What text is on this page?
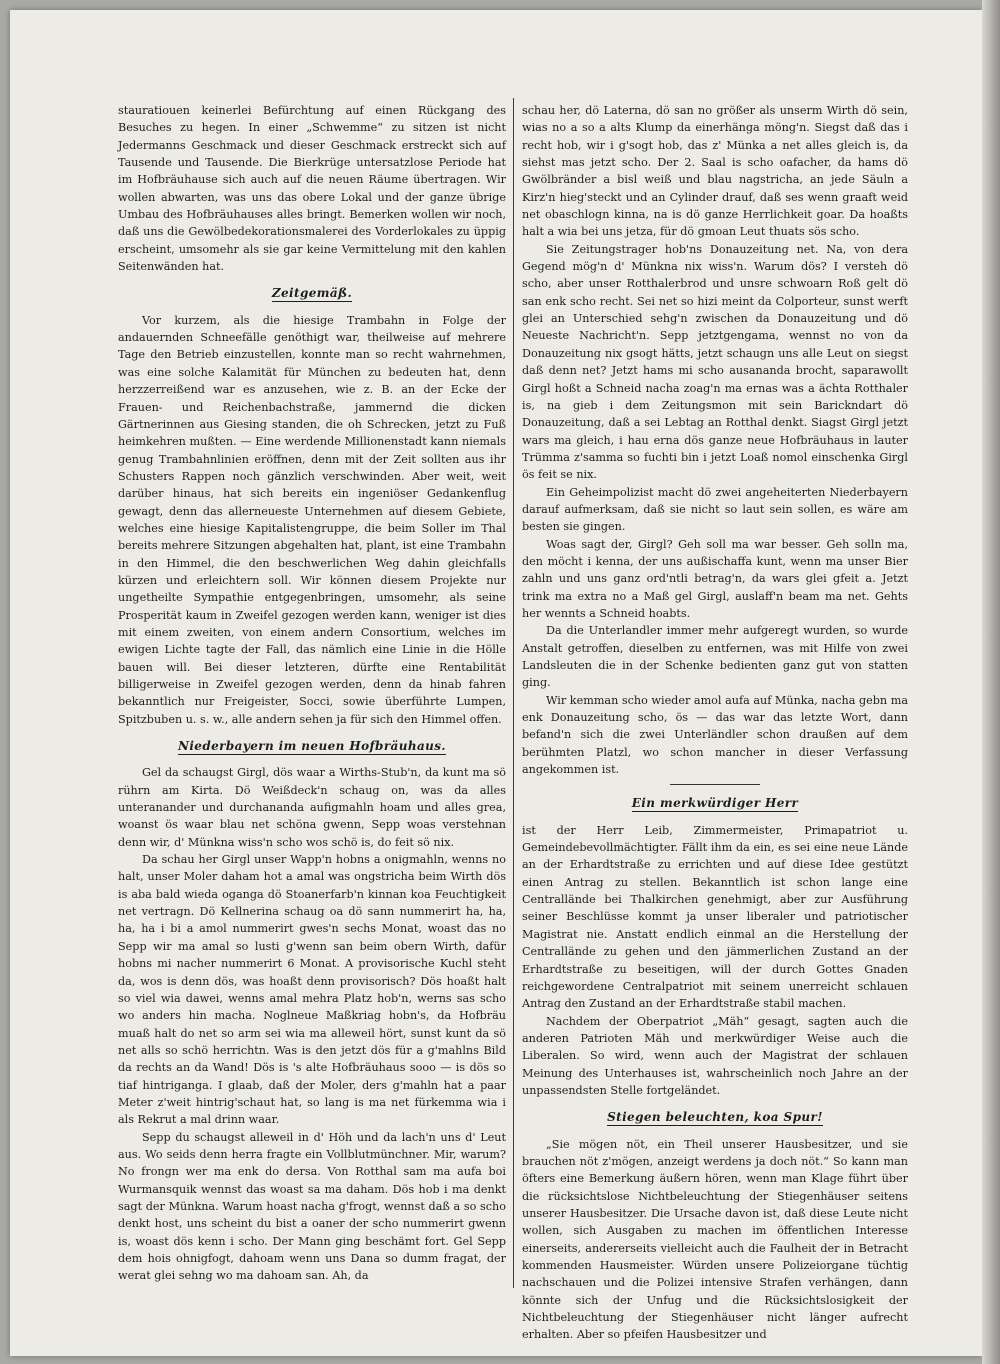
stauratiouen keinerlei Befürchtung auf einen Rückgang des Besuches zu hegen. In einer „Schwemme“ zu sitzen ist nicht Jedermanns Geschmack und dieser Geschmack erstreckt sich auf Tausende und Tausende. Die Bierkrüge untersatzlose Periode hat im Hofbräuhause sich auch auf die neuen Räume übertragen. Wir wollen abwarten, was uns das obere Lokal und der ganze übrige Umbau des Hofbräuhauses alles bringt. Bemerken wollen wir noch, daß uns die Gewölbedekorationsmalerei des Vorderlokales zu üppig erscheint, umsomehr als sie gar keine Vermittelung mit den kahlen Seitenwänden hat.

Zeitgemäß.

Vor kurzem, als die hiesige Trambahn in Folge der andauernden Schneefälle genöthigt war, theilweise auf mehrere Tage den Betrieb einzustellen, konnte man so recht wahrnehmen, was eine solche Kalamität für München zu bedeuten hat, denn herzzerreißend war es anzusehen, wie z. B. an der Ecke der Frauen- und Reichenbachstraße, jammernd die dicken Gärtnerinnen aus Giesing standen, die oh Schrecken, jetzt zu Fuß heimkehren mußten. — Eine werdende Millionenstadt kann niemals genug Trambahnlinien eröffnen, denn mit der Zeit sollten aus ihr Schusters Rappen noch gänzlich verschwinden. Aber weit, weit darüber hinaus, hat sich bereits ein ingeniöser Gedankenflug gewagt, denn das allerneueste Unternehmen auf diesem Gebiete, welches eine hiesige Kapitalistengruppe, die beim Soller im Thal bereits mehrere Sitzungen abgehalten hat, plant, ist eine Trambahn in den Himmel, die den beschwerlichen Weg dahin gleichfalls kürzen und erleichtern soll. Wir können diesem Projekte nur ungetheilte Sympathie entgegenbringen, umsomehr, als seine Prosperität kaum in Zweifel gezogen werden kann, weniger ist dies mit einem zweiten, von einem andern Consortium, welches im ewigen Lichte tagte der Fall, das nämlich eine Linie in die Hölle bauen will. Bei dieser letzteren, dürfte eine Rentabilität billigerweise in Zweifel gezogen werden, denn da hinab fahren bekanntlich nur Freigeister, Socci, sowie überführte Lumpen, Spitzbuben u. s. w., alle andern sehen ja für sich den Himmel offen.

Niederbayern im neuen Hofbräuhaus.

Gel da schaugst Girgl, dös waar a Wirths-Stub'n, da kunt ma sö rührn am Kirta. Dö Weißdeck'n schaug on, was da alles unteranander und durchananda aufigmahln hoam und alles grea, woanst ös waar blau net schöna gwenn, Sepp woas verstehnan denn wir, d' Münkna wiss'n scho wos schö is, do feit sö nix.

Da schau her Girgl unser Wapp'n hobns a onigmahln, wenns no halt, unser Moler daham hot a amal was ongstricha beim Wirth dös is aba bald wieda oganga dö Stoanerfarb'n kinnan koa Feuchtigkeit net vertragn. Dö Kellnerina schaug oa dö sann nummerirt ha, ha, ha, ha i bi a amol nummerirt gwes'n sechs Monat, woast das no Sepp wir ma amal so lusti g'wenn san beim obern Wirth, dafür hobns mi nacher nummerirt 6 Monat. A provisorische Kuchl steht da, wos is denn dös, was hoaßt denn provisorisch? Dös hoaßt halt so viel wia dawei, wenns amal mehra Platz hob'n, werns sas scho wo anders hin macha. Noglneue Maßkriag hobn's, da Hofbräu muaß halt do net so arm sei wia ma alleweil hört, sunst kunt da sö net alls so schö herrichtn. Was is den jetzt dös für a g'mahlns Bild da rechts an da Wand! Dös is 's alte Hofbräuhaus sooo — is dös so tiaf hintriganga. I glaab, daß der Moler, ders g'mahln hat a paar Meter z'weit hintrig'schaut hat, so lang is ma net fürkemma wia i als Rekrut a mal drinn waar.

Sepp du schaugst alleweil in d' Höh und da lach'n uns d' Leut aus. Wo seids denn herra fragte ein Vollblutmünchner. Mir, warum? No frongn wer ma enk do dersa. Von Rotthal sam ma aufa boi Wurmansquik wennst das woast sa ma daham. Dös hob i ma denkt sagt der Münkna. Warum hoast nacha g'frogt, wennst daß a so scho denkt host, uns scheint du bist a oaner der scho nummerirt gwenn is, woast dös kenn i scho. Der Mann ging beschämt fort. Gel Sepp dem hois ohnigfogt, dahoam wenn uns Dana so dumm fragat, der werat glei sehng wo ma dahoam san. Ah, da

schau her, dö Laterna, dö san no größer als unserm Wirth dö sein, wias no a so a alts Klump da einerhänga möng'n. Siegst daß das i recht hob, wir i g'sogt hob, das z' Münka a net alles gleich is, da siehst mas jetzt scho. Der 2. Saal is scho oafacher, da hams dö Gwölbränder a bisl weiß und blau nagstricha, an jede Säuln a Kirz'n hieg'steckt und an Cylinder drauf, daß ses wenn graaft weid net obaschlogn kinna, na is dö ganze Herrlichkeit goar. Da hoaßts halt a wia bei uns jetza, für dö gmoan Leut thuats sös scho.

Sie Zeitungstrager hob'ns Donauzeitung net. Na, von dera Gegend mög'n d' Münkna nix wiss'n. Warum dös? I versteh dö scho, aber unser Rotthalerbrod und unsre schwoarn Roß gelt dö san enk scho recht. Sei net so hizi meint da Colporteur, sunst werft glei an Unterschied sehg'n zwischen da Donauzeitung und dö Neueste Nachricht'n. Sepp jetztgengama, wennst no von da Donauzeitung nix gsogt hätts, jetzt schaugn uns alle Leut on siegst daß denn net? Jetzt hams mi scho ausananda brocht, saparawollt Girgl hoßt a Schneid nacha zoag'n ma ernas was a ächta Rotthaler is, na gieb i dem Zeitungsmon mit sein Barickndart dö Donauzeitung, daß a sei Lebtag an Rotthal denkt. Siagst Girgl jetzt wars ma gleich, i hau erna dös ganze neue Hofbräuhaus in lauter Trümma z'samma so fuchti bin i jetzt Loaß nomol einschenka Girgl ös feit se nix.

Ein Geheimpolizist macht dö zwei angeheiterten Niederbayern darauf aufmerksam, daß sie nicht so laut sein sollen, es wäre am besten sie gingen.

Woas sagt der, Girgl? Geh soll ma war besser. Geh solln ma, den möcht i kenna, der uns außischaffa kunt, wenn ma unser Bier zahln und uns ganz ord'ntli betrag'n, da wars glei gfeit a. Jetzt trink ma extra no a Maß gel Girgl, auslaff'n beam ma net. Gehts her wennts a Schneid hoabts.

Da die Unterlandler immer mehr aufgeregt wurden, so wurde Anstalt getroffen, dieselben zu entfernen, was mit Hilfe von zwei Landsleuten die in der Schenke bedienten ganz gut von statten ging.

Wir kemman scho wieder amol aufa auf Münka, nacha gebn ma enk Donauzeitung scho, ös — das war das letzte Wort, dann befand'n sich die zwei Unterländler schon draußen auf dem berühmten Platzl, wo schon mancher in dieser Verfassung angekommen ist.

Ein merkwürdiger Herr

ist der Herr Leib, Zimmermeister, Primapatriot u. Gemeindebevollmächtigter. Fällt ihm da ein, es sei eine neue Lände an der Erhardtstraße zu errichten und auf diese Idee gestützt einen Antrag zu stellen. Bekanntlich ist schon lange eine Centrallände bei Thalkirchen genehmigt, aber zur Ausführung seiner Beschlüsse kommt ja unser liberaler und patriotischer Magistrat nie. Anstatt endlich einmal an die Herstellung der Centrallände zu gehen und den jämmerlichen Zustand an der Erhardtstraße zu beseitigen, will der durch Gottes Gnaden reichgewordene Centralpatriot mit seinem unerreicht schlauen Antrag den Zustand an der Erhardtstraße stabil machen.

Nachdem der Oberpatriot „Mäh“ gesagt, sagten auch die anderen Patrioten Mäh und merkwürdiger Weise auch die Liberalen. So wird, wenn auch der Magistrat der schlauen Meinung des Unterhauses ist, wahrscheinlich noch Jahre an der unpassendsten Stelle fortgeländet.

Stiegen beleuchten, koa Spur!

„Sie mögen nöt, ein Theil unserer Hausbesitzer, und sie brauchen nöt z'mögen, anzeigt werdens ja doch nöt.“ So kann man öfters eine Bemerkung äußern hören, wenn man Klage führt über die rücksichtslose Nichtbeleuchtung der Stiegenhäuser seitens unserer Hausbesitzer. Die Ursache davon ist, daß diese Leute nicht wollen, sich Ausgaben zu machen im öffentlichen Interesse einerseits, andererseits vielleicht auch die Faulheit der in Betracht kommenden Hausmeister. Würden unsere Polizeiorgane tüchtig nachschauen und die Polizei intensive Strafen verhängen, dann könnte sich der Unfug und die Rücksichtslosigkeit der Nichtbeleuchtung der Stiegenhäuser nicht länger aufrecht erhalten. Aber so pfeifen Hausbesitzer und
